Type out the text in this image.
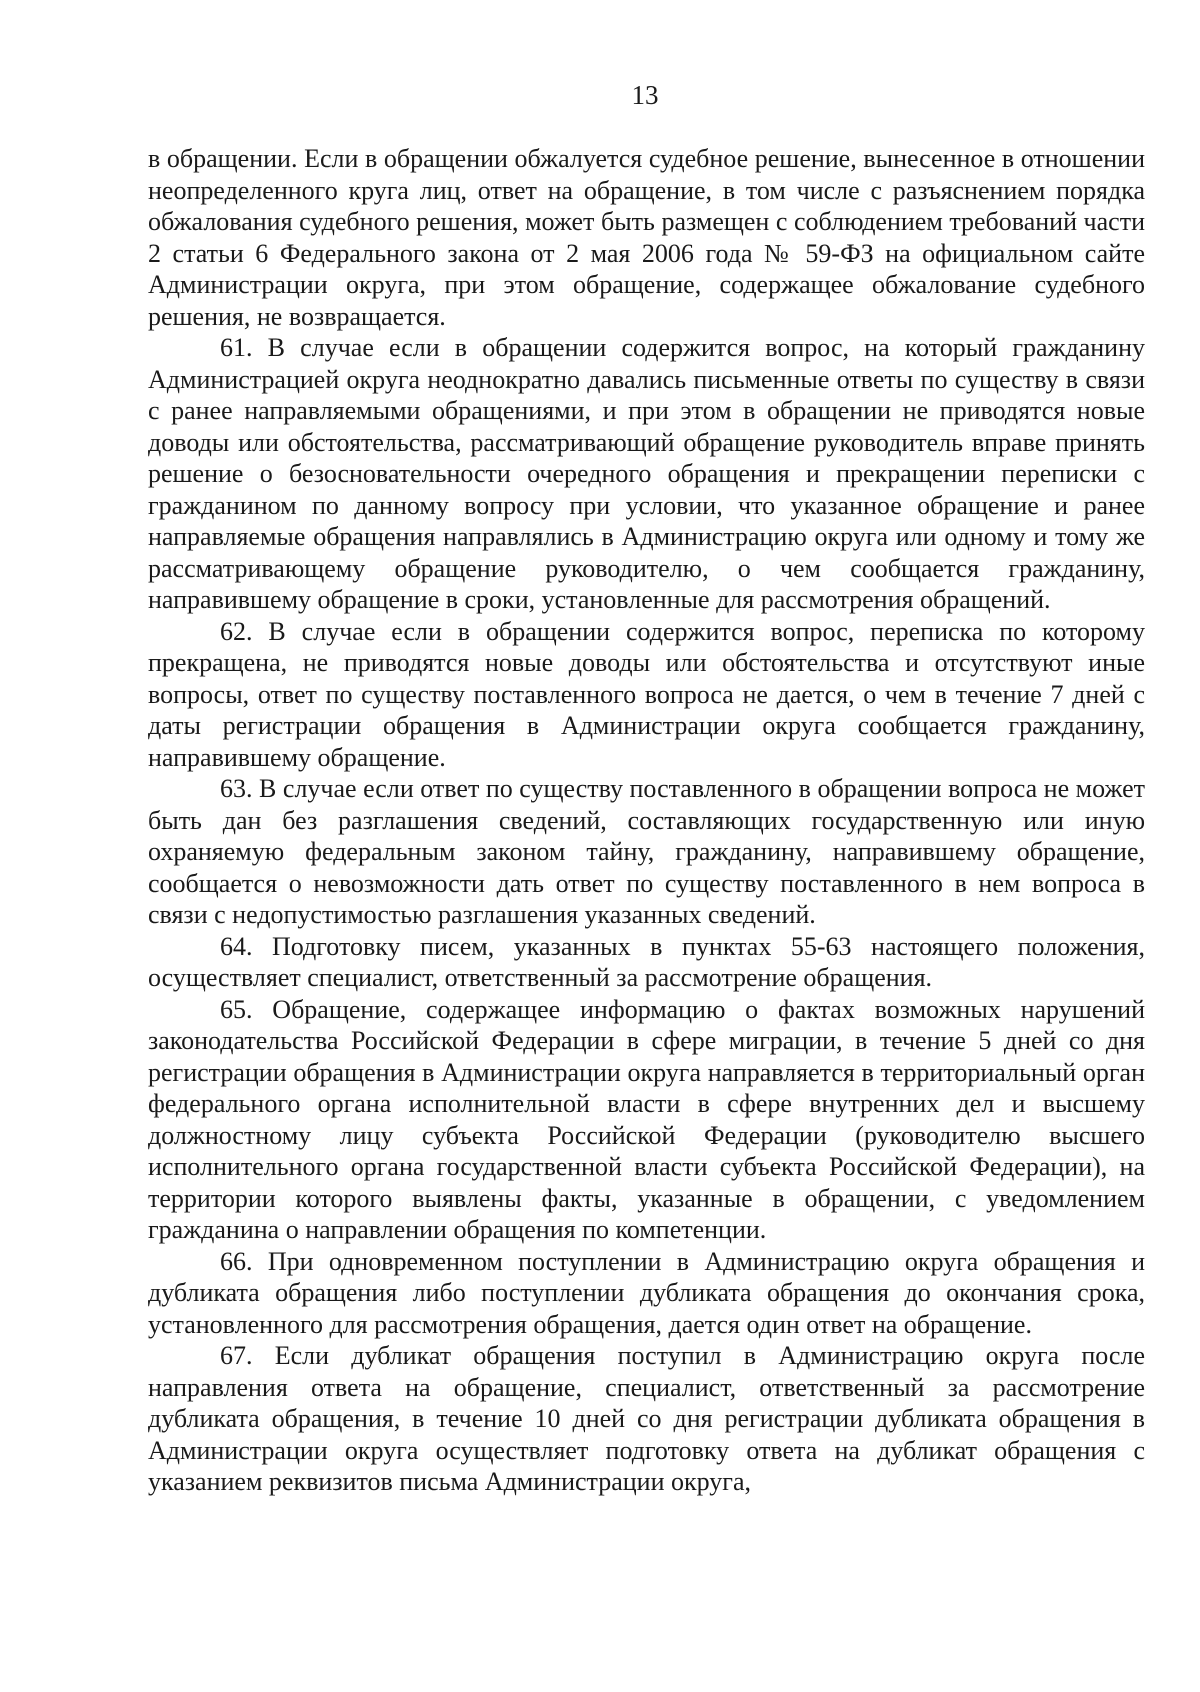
13

в обращении. Если в обращении обжалуется судебное решение, вынесенное в отношении неопределенного круга лиц, ответ на обращение, в том числе с разъяснением порядка обжалования судебного решения, может быть размещен с соблюдением требований части 2 статьи 6 Федерального закона от 2 мая 2006 года № 59-ФЗ на официальном сайте Администрации округа, при этом обращение, содержащее обжалование судебного решения, не возвращается.

61. В случае если в обращении содержится вопрос, на который гражданину Администрацией округа неоднократно давались письменные ответы по существу в связи с ранее направляемыми обращениями, и при этом в обращении не приводятся новые доводы или обстоятельства, рассматривающий обращение руководитель вправе принять решение о безосновательности очередного обращения и прекращении переписки с гражданином по данному вопросу при условии, что указанное обращение и ранее направляемые обращения направлялись в Администрацию округа или одному и тому же рассматривающему обращение руководителю, о чем сообщается гражданину, направившему обращение в сроки, установленные для рассмотрения обращений.

62. В случае если в обращении содержится вопрос, переписка по которому прекращена, не приводятся новые доводы или обстоятельства и отсутствуют иные вопросы, ответ по существу поставленного вопроса не дается, о чем в течение 7 дней с даты регистрации обращения в Администрации округа сообщается гражданину, направившему обращение.

63. В случае если ответ по существу поставленного в обращении вопроса не может быть дан без разглашения сведений, составляющих государственную или иную охраняемую федеральным законом тайну, гражданину, направившему обращение, сообщается о невозможности дать ответ по существу поставленного в нем вопроса в связи с недопустимостью разглашения указанных сведений.

64. Подготовку писем, указанных в пунктах 55-63 настоящего положения, осуществляет специалист, ответственный за рассмотрение обращения.

65. Обращение, содержащее информацию о фактах возможных нарушений законодательства Российской Федерации в сфере миграции, в течение 5 дней со дня регистрации обращения в Администрации округа направляется в территориальный орган федерального органа исполнительной власти в сфере внутренних дел и высшему должностному лицу субъекта Российской Федерации (руководителю высшего исполнительного органа государственной власти субъекта Российской Федерации), на территории которого выявлены факты, указанные в обращении, с уведомлением гражданина о направлении обращения по компетенции.

66. При одновременном поступлении в Администрацию округа обращения и дубликата обращения либо поступлении дубликата обращения до окончания срока, установленного для рассмотрения обращения, дается один ответ на обращение.

67. Если дубликат обращения поступил в Администрацию округа после направления ответа на обращение, специалист, ответственный за рассмотрение дубликата обращения, в течение 10 дней со дня регистрации дубликата обращения в Администрации округа осуществляет подготовку ответа на дубликат обращения с указанием реквизитов письма Администрации округа,
